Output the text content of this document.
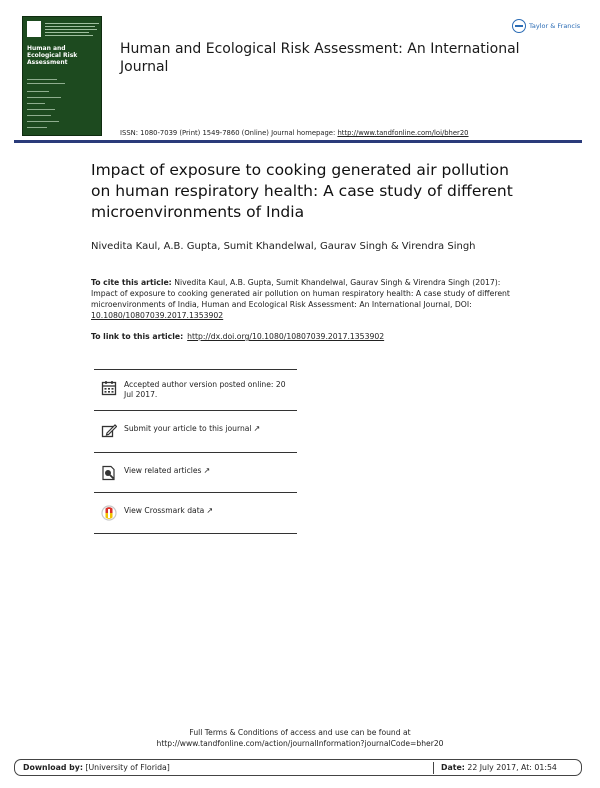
Human and Ecological Risk Assessment
Human and Ecological Risk Assessment: An International Journal
Taylor & Francis
ISSN: 1080-7039 (Print) 1549-7860 (Online) Journal homepage: http://www.tandfonline.com/loi/bher20
Impact of exposure to cooking generated air pollution on human respiratory health: A case study of different microenvironments of India
Nivedita Kaul, A.B. Gupta, Sumit Khandelwal, Gaurav Singh & Virendra Singh
To cite this article: Nivedita Kaul, A.B. Gupta, Sumit Khandelwal, Gaurav Singh & Virendra Singh (2017): Impact of exposure to cooking generated air pollution on human respiratory health: A case study of different microenvironments of India, Human and Ecological Risk Assessment: An International Journal, DOI: 10.1080/10807039.2017.1353902
To link to this article: http://dx.doi.org/10.1080/10807039.2017.1353902
Accepted author version posted online: 20 Jul 2017.
Submit your article to this journal ↗
View related articles ↗
View Crossmark data ↗
Full Terms & Conditions of access and use can be found at
http://www.tandfonline.com/action/journalInformation?journalCode=bher20
Download by: [University of Florida]	Date: 22 July 2017, At: 01:54
